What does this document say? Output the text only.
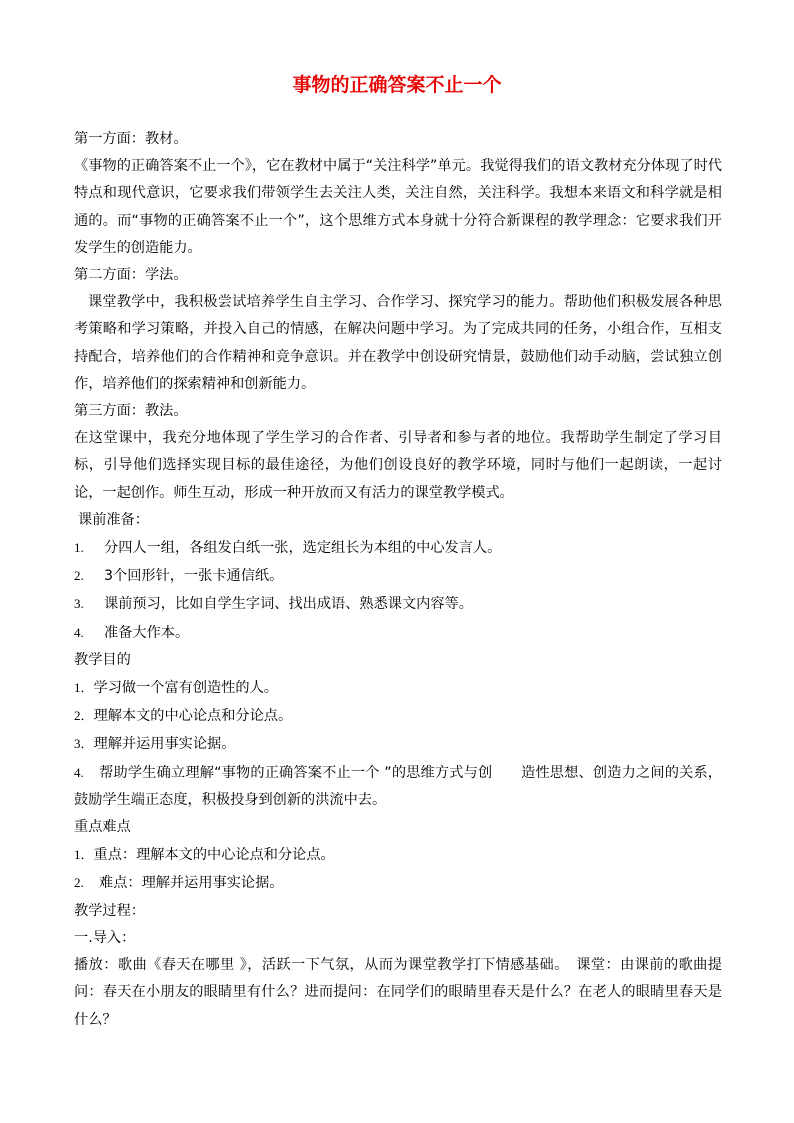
事物的正确答案不止一个

第一方面：教材。

《事物的正确答案不止一个》，它在教材中属于“关注科学”单元。我觉得我们的语文教材充分体现了时代特点和现代意识，它要求我们带领学生去关注人类，关注自然，关注科学。我想本来语文和科学就是相通的。而“事物的正确答案不止一个”，这个思维方式本身就十分符合新课程的教学理念：它要求我们开发学生的创造能力。

第二方面：学法。

课堂教学中，我积极尝试培养学生自主学习、合作学习、探究学习的能力。帮助他们积极发展各种思考策略和学习策略，并投入自己的情感，在解决问题中学习。为了完成共同的任务，小组合作，互相支持配合，培养他们的合作精神和竞争意识。并在教学中创设研究情景，鼓励他们动手动脑，尝试独立创作，培养他们的探索精神和创新能力。

第三方面：教法。

在这堂课中，我充分地体现了学生学习的合作者、引导者和参与者的地位。我帮助学生制定了学习目标，引导他们选择实现目标的最佳途径，为他们创设良好的教学环境，同时与他们一起朗读，一起讨论，一起创作。师生互动，形成一种开放而又有活力的课堂教学模式。

课前准备：

1. 分四人一组，各组发白纸一张，选定组长为本组的中心发言人。

2. 3个回形针，一张卡通信纸。

3. 课前预习，比如自学生字词、找出成语、熟悉课文内容等。

4. 准备大作本。

教学目的

1．学习做一个富有创造性的人。

2．理解本文的中心论点和分论点。

3．理解并运用事实论据。

4. 帮助学生确立理解“事物的正确答案不止一个 ”的思维方式与创　　造性思想、创造力之间的关系，鼓励学生端正态度，积极投身到创新的洪流中去。

重点难点

1．重点：理解本文的中心论点和分论点。

2. 难点：理解并运用事实论据。

教学过程：

一.导入：

播放：歌曲《春天在哪里 》，活跃一下气氛，从而为课堂教学打下情感基础。　课堂：由课前的歌曲提问：春天在小朋友的眼睛里有什么？进而提问：在同学们的眼睛里春天是什么？在老人的眼睛里春天是什么？
